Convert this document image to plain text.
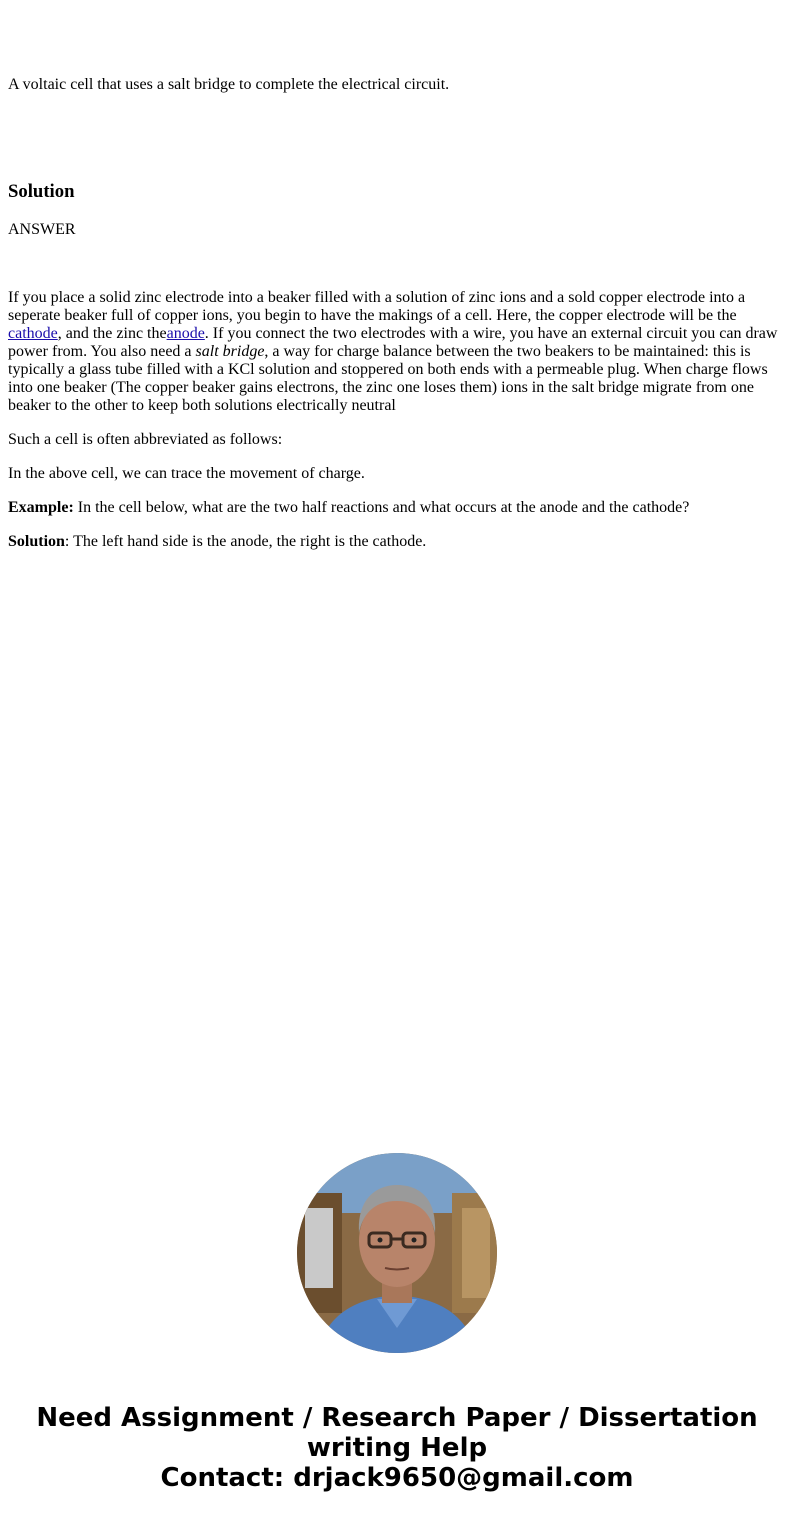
A voltaic cell that uses a salt bridge to complete the electrical circuit.

Solution

ANSWER

If you place a solid zinc electrode into a beaker filled with a solution of zinc ions and a sold copper electrode into a seperate beaker full of copper ions, you begin to have the makings of a cell. Here, the copper electrode will be the cathode, and the zinc theanode. If you connect the two electrodes with a wire, you have an external circuit you can draw power from. You also need a salt bridge, a way for charge balance between the two beakers to be maintained: this is typically a glass tube filled with a KCl solution and stoppered on both ends with a permeable plug. When charge flows into one beaker (The copper beaker gains electrons, the zinc one loses them) ions in the salt bridge migrate from one beaker to the other to keep both solutions electrically neutral

Such a cell is often abbreviated as follows:

In the above cell, we can trace the movement of charge.

Example: In the cell below, what are the two half reactions and what occurs at the anode and the cathode?

Solution: The left hand side is the anode, the right is the cathode.

Need Assignment / Research Paper / Dissertation
writing Help
Contact: drjack9650@gmail.com
